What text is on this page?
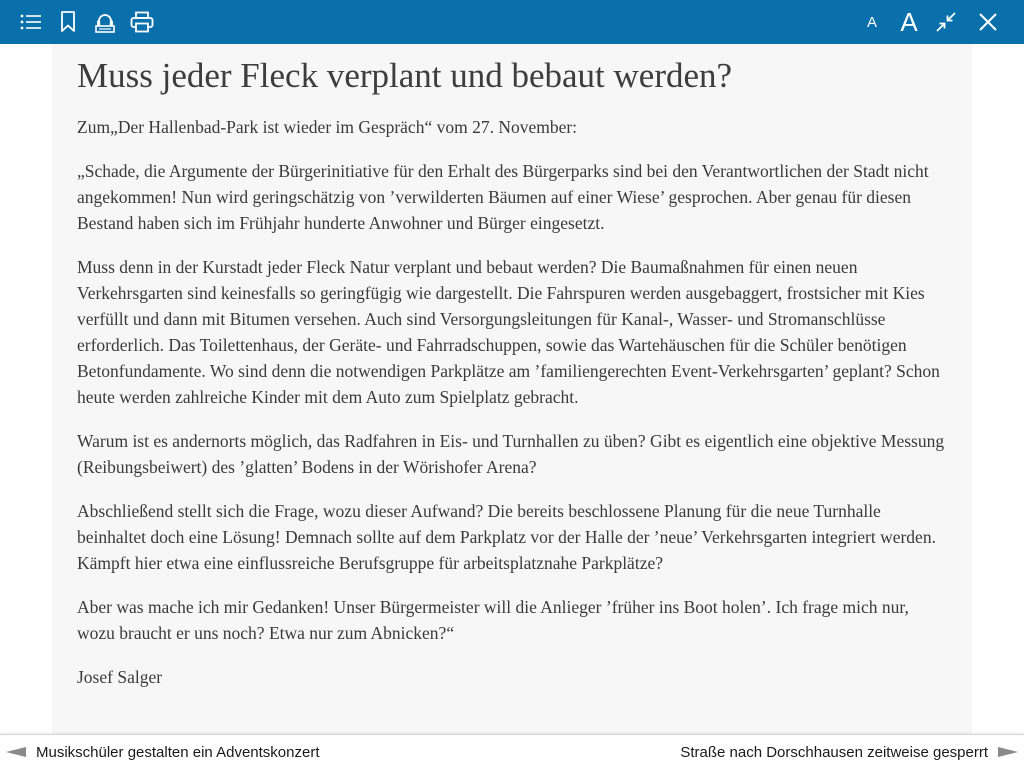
A A
Muss jeder Fleck verplant und bebaut werden?

Zum„Der Hallenbad-Park ist wieder im Gespräch“ vom 27. November:

„Schade, die Argumente der Bürgerinitiative für den Erhalt des Bürgerparks sind bei den Verantwortlichen der Stadt nicht angekommen! Nun wird geringschätzig von ’verwilderten Bäumen auf einer Wiese’ gesprochen. Aber genau für diesen Bestand haben sich im Frühjahr hunderte Anwohner und Bürger eingesetzt.

Muss denn in der Kurstadt jeder Fleck Natur verplant und bebaut werden? Die Baumaßnahmen für einen neuen Verkehrsgarten sind keinesfalls so geringfügig wie dargestellt. Die Fahrspuren werden ausgebaggert, frostsicher mit Kies verfüllt und dann mit Bitumen versehen. Auch sind Versorgungsleitungen für Kanal-, Wasser- und Stromanschlüsse erforderlich. Das Toilettenhaus, der Geräte- und Fahrradschuppen, sowie das Wartehäuschen für die Schüler benötigen Betonfundamente. Wo sind denn die notwendigen Parkplätze am ’familiengerechten Event-Verkehrsgarten’ geplant? Schon heute werden zahlreiche Kinder mit dem Auto zum Spielplatz gebracht.

Warum ist es andernorts möglich, das Radfahren in Eis- und Turnhallen zu üben? Gibt es eigentlich eine objektive Messung (Reibungsbeiwert) des ’glatten’ Bodens in der Wörishofer Arena?

Abschließend stellt sich die Frage, wozu dieser Aufwand? Die bereits beschlossene Planung für die neue Turnhalle beinhaltet doch eine Lösung! Demnach sollte auf dem Parkplatz vor der Halle der ’neue’ Verkehrsgarten integriert werden. Kämpft hier etwa eine einflussreiche Berufsgruppe für arbeitsplatznahe Parkplätze?

Aber was mache ich mir Gedanken! Unser Bürgermeister will die Anlieger ’früher ins Boot holen’. Ich frage mich nur, wozu braucht er uns noch? Etwa nur zum Abnicken?“

Josef Salger

Musikschüler gestalten ein Adventskonzert	Straße nach Dorschhausen zeitweise gesperrt
